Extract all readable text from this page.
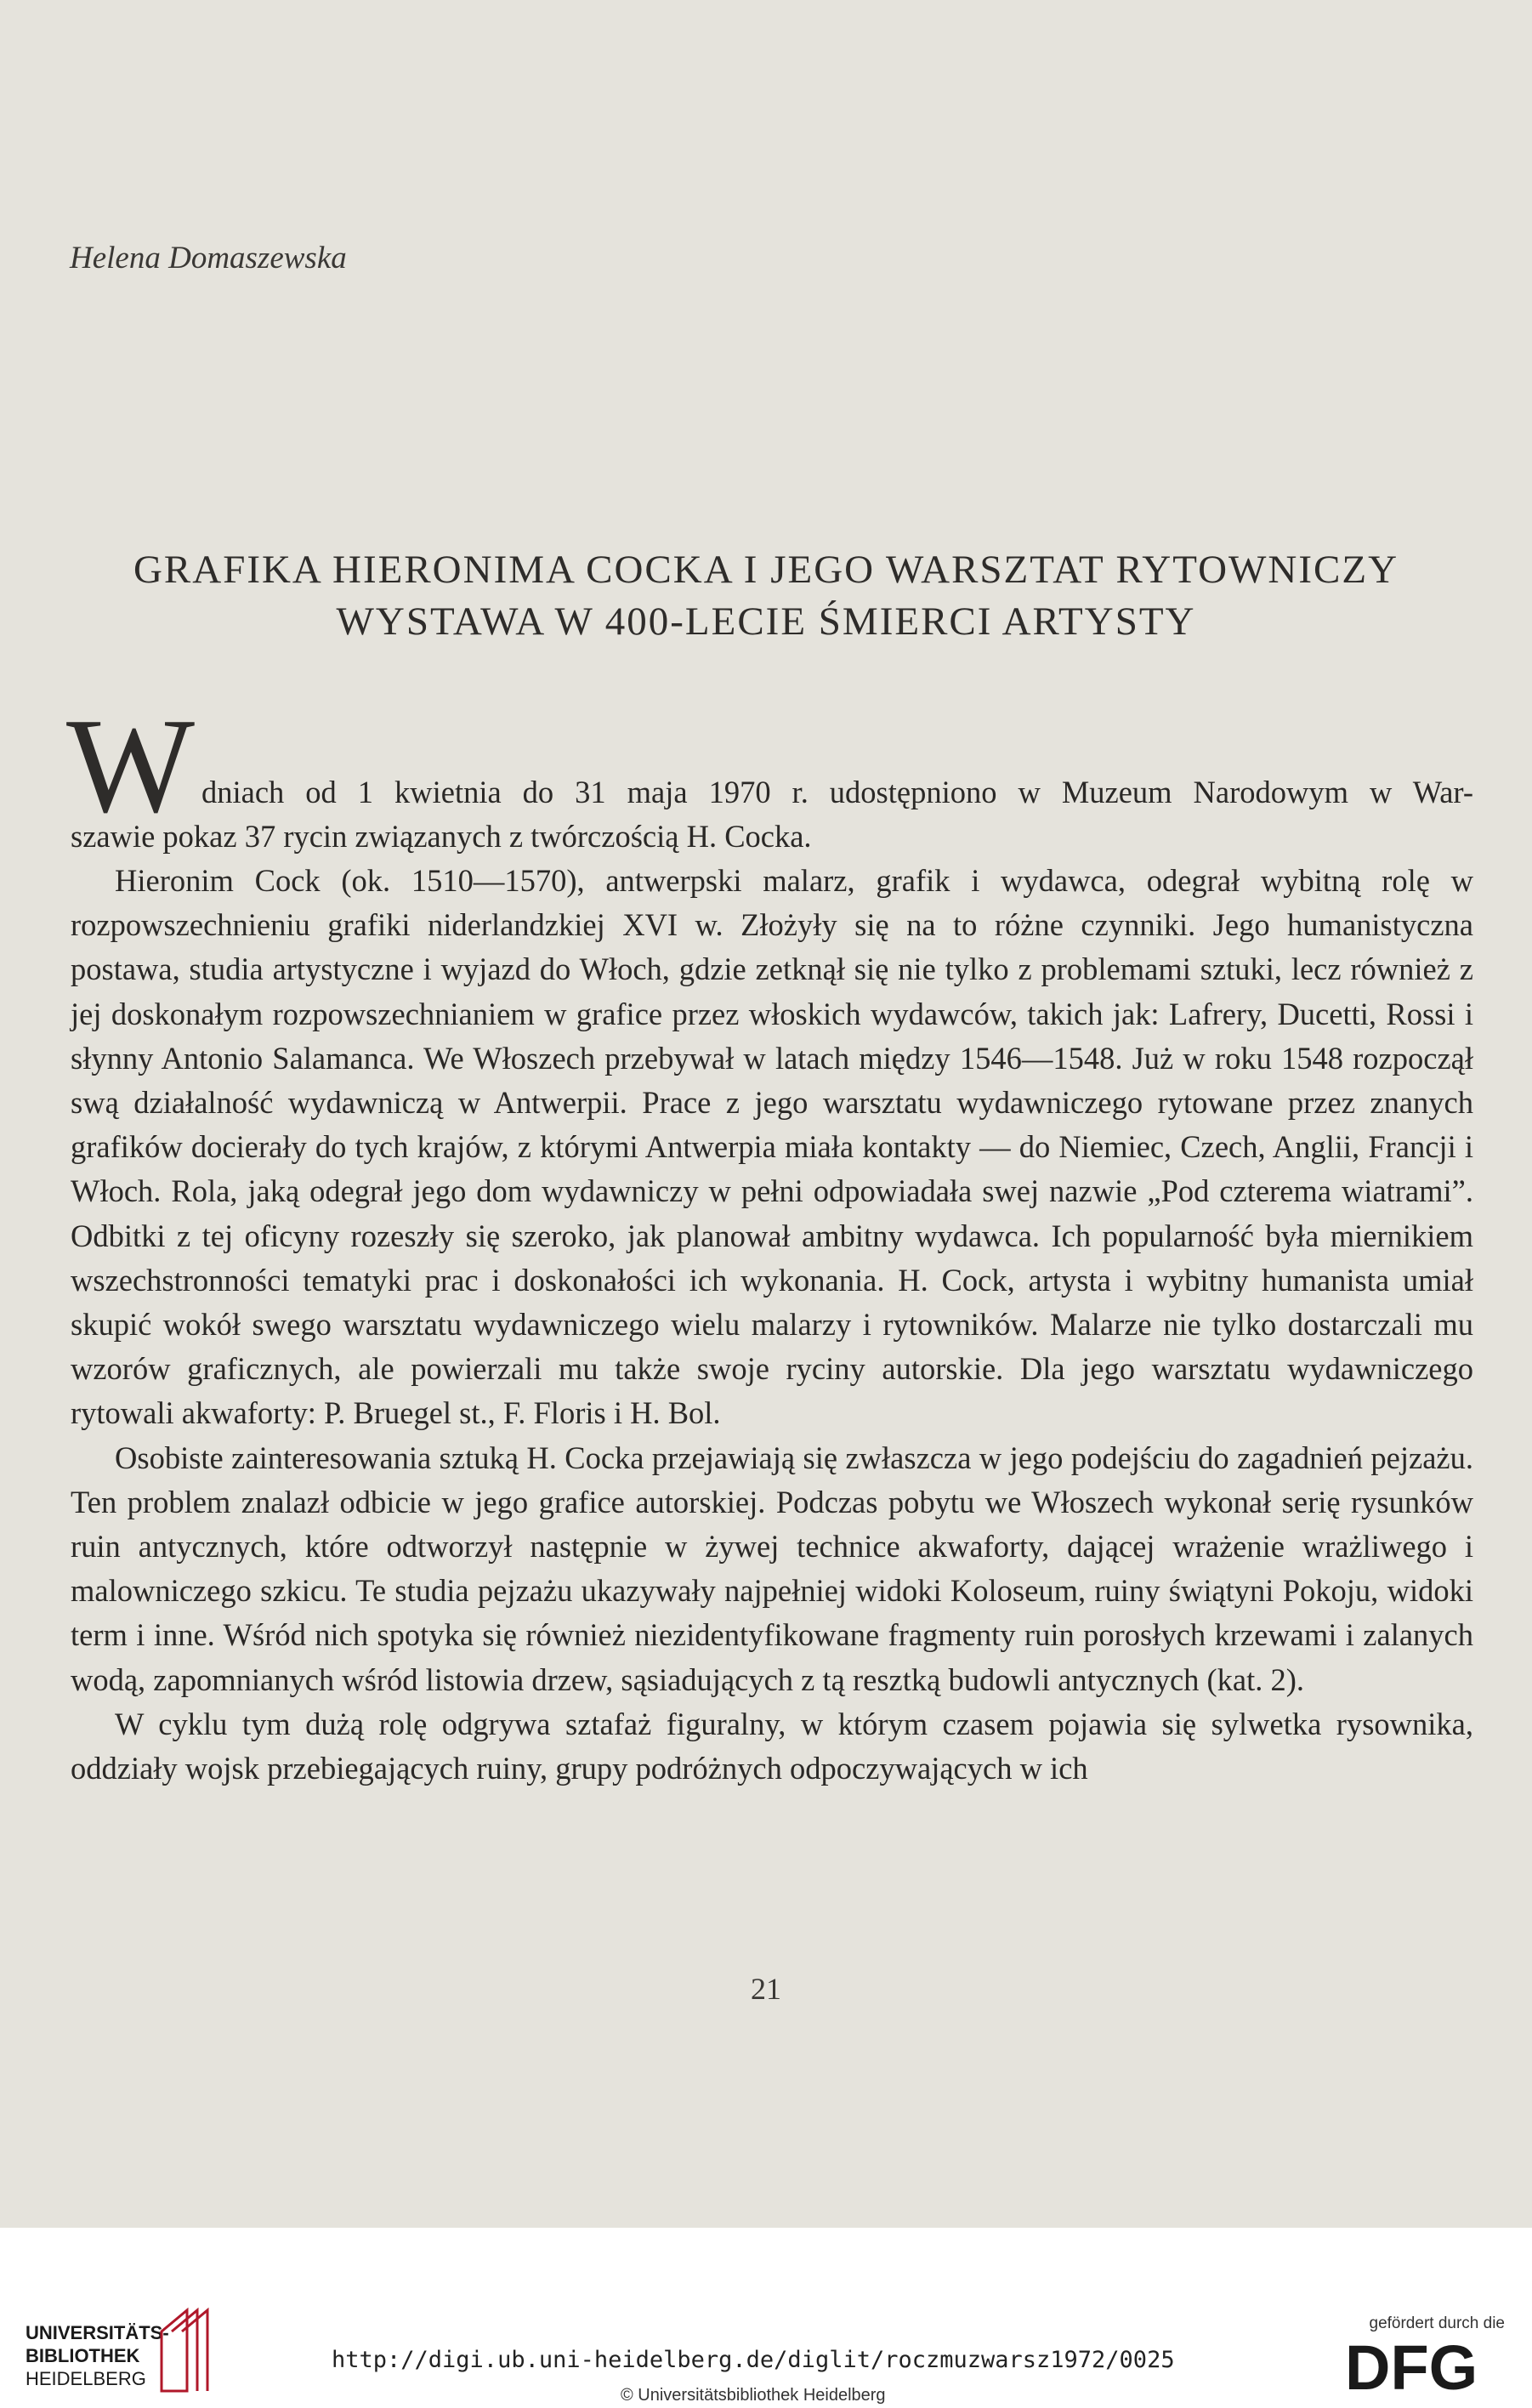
Helena Domaszewska
GRAFIKA HIERONIMA COCKA I JEGO WARSZTAT RYTOWNICZY
WYSTAWA W 400-LECIE ŚMIERCI ARTYSTY
W dniach od 1 kwietnia do 31 maja 1970 r. udostępniono w Muzeum Narodowym w War-
szawie pokaz 37 rycin związanych z twórczością H. Cocka.

Hieronim Cock (ok. 1510—1570), antwerpski malarz, grafik i wydawca, odegrał wybitną rolę w rozpowszechnieniu grafiki niderlandzkiej XVI w. Złożyły się na to różne czynniki. Jego humanistyczna postawa, studia artystyczne i wyjazd do Włoch, gdzie zetknął się nie tylko z problemami sztuki, lecz również z jej doskonałym rozpowszechnianiem w grafice przez włoskich wydawców, takich jak: Lafrery, Ducetti, Rossi i słynny Antonio Salamanca. We Włoszech przebywał w latach między 1546—1548. Już w roku 1548 rozpoczął swą działalność wydawniczą w Antwerpii. Prace z jego warsztatu wydawniczego rytowane przez znanych grafików docierały do tych krajów, z którymi Antwerpia miała kontakty — do Niemiec, Czech, Anglii, Francji i Włoch. Rola, jaką odegrał jego dom wydawniczy w pełni odpowiadała swej nazwie „Pod czterema wiatrami”. Odbitki z tej oficyny rozeszły się szeroko, jak planował ambitny wydawca. Ich popularność była miernikiem wszechstronności tematyki prac i doskonałości ich wykonania. H. Cock, artysta i wybitny humanista umiał skupić wokół swego warsztatu wydawniczego wielu malarzy i rytowników. Malarze nie tylko dostarczali mu wzorów graficznych, ale powierzali mu także swoje ryciny autorskie. Dla jego warsztatu wydawniczego rytowali akwaforty: P. Bruegel st., F. Floris i H. Bol.

Osobiste zainteresowania sztuką H. Cocka przejawiają się zwłaszcza w jego podejściu do zagadnień pejzażu. Ten problem znalazł odbicie w jego grafice autorskiej. Podczas pobytu we Włoszech wykonał serię rysunków ruin antycznych, które odtworzył następnie w żywej technice akwaforty, dającej wrażenie wrażliwego i malowniczego szkicu. Te studia pejzażu ukazywały najpełniej widoki Koloseum, ruiny świątyni Pokoju, widoki term i inne. Wśród nich spotyka się również niezidentyfikowane fragmenty ruin porosłych krzewami i zalanych wodą, zapomnianych wśród listowia drzew, sąsiadujących z tą resztką budowli antycznych (kat. 2).

W cyklu tym dużą rolę odgrywa sztafaż figuralny, w którym czasem pojawia się sylwetka rysownika, oddziały wojsk przebiegających ruiny, grupy podróżnych odpoczywających w ich

21
UNIVERSITÄTS-
BIBLIOTHEK
HEIDELBERG
http://digi.ub.uni-heidelberg.de/diglit/roczmuzwarsz1972/0025
© Universitätsbibliothek Heidelberg
gefördert durch die
DFG
